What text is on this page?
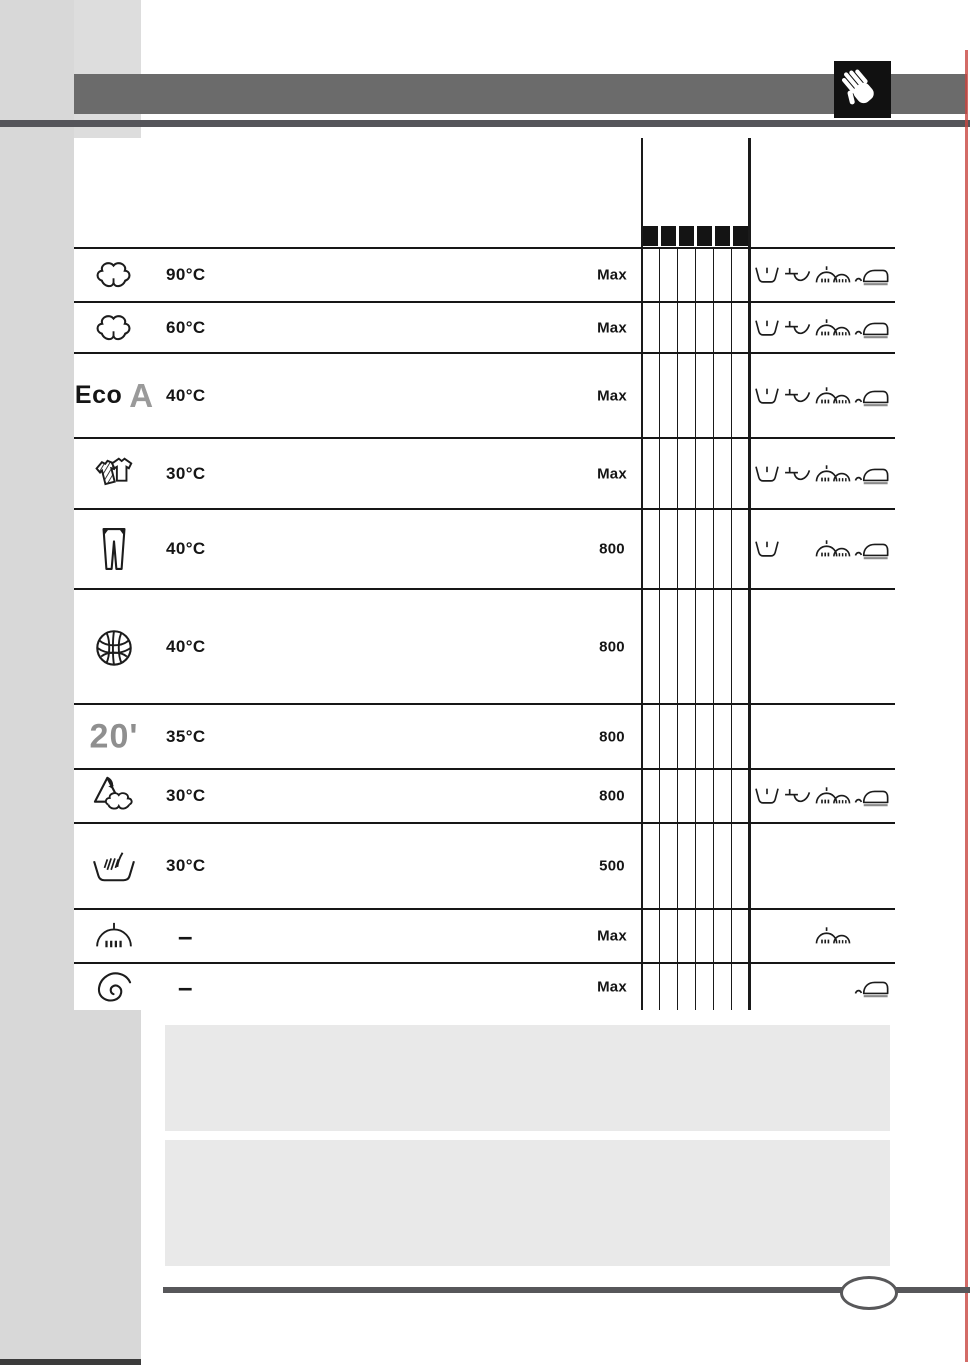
90°C	Max
60°C	Max
Eco A 40°C	Max
30°C	Max
40°C	800
40°C	800
20' 35°C	800
30°C	800
30°C	500
–	Max
–	Max
